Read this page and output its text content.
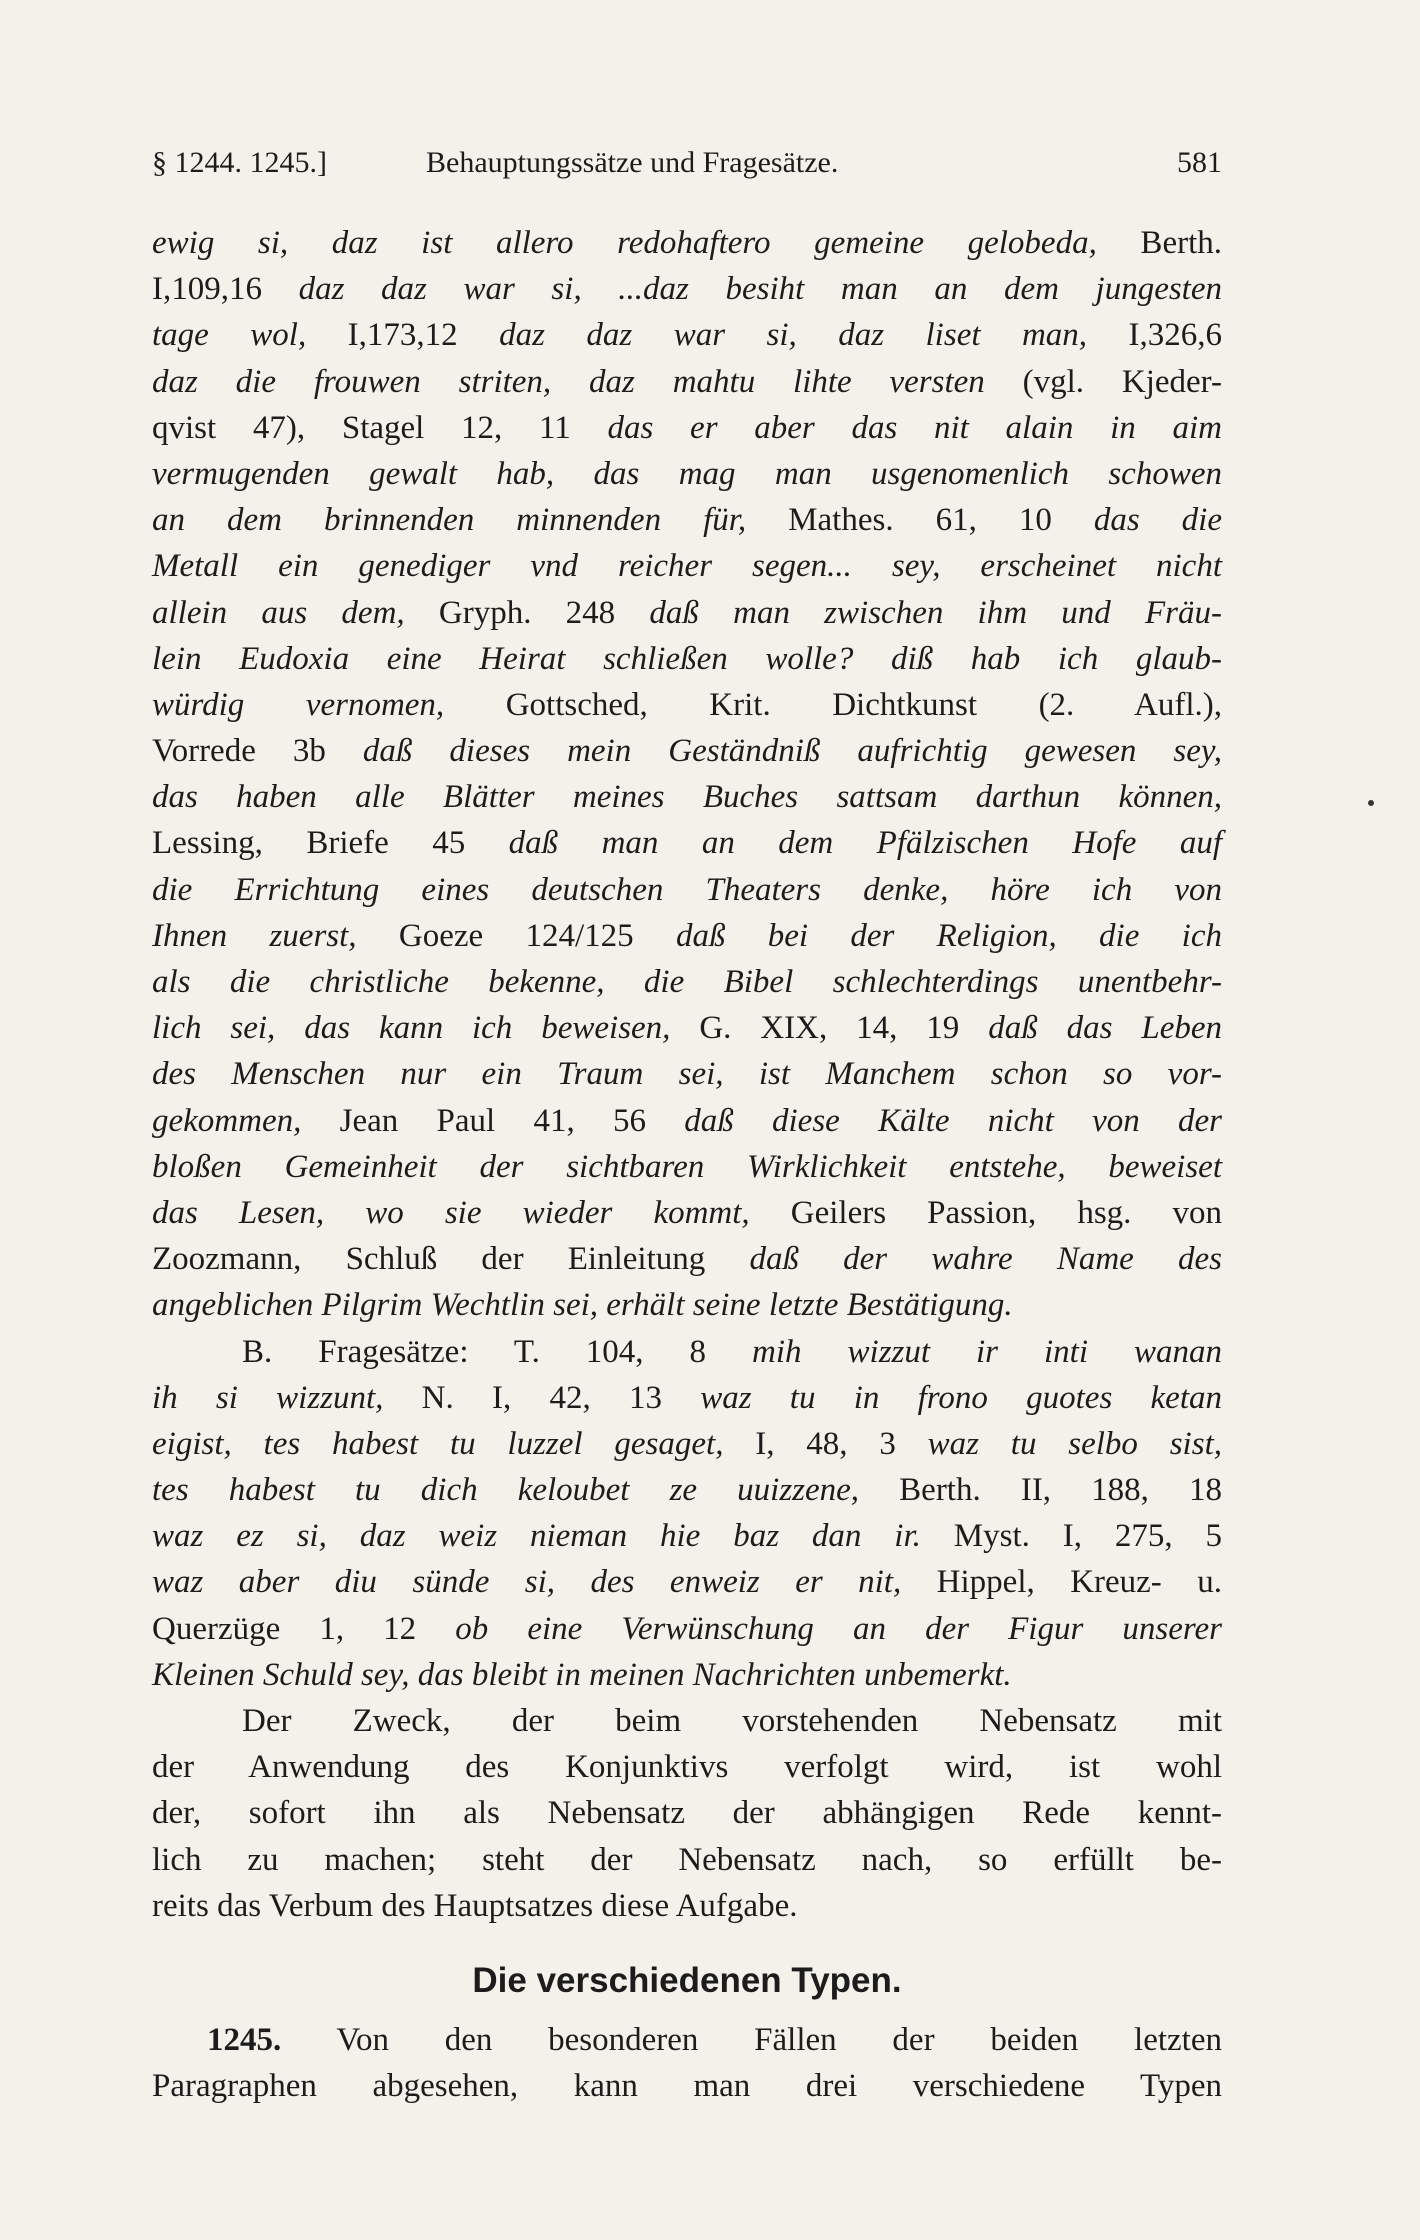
§ 1244. 1245.]	Behauptungssätze und Fragesätze.	581
ewig si, daz ist allero redohaftero gemeine gelobeda, Berth.
I,109,16 daz daz war si, ...daz besiht man an dem jungesten
tage wol, I,173,12 daz daz war si, daz liset man, I,326,6
daz die frouwen striten, daz mahtu lihte versten (vgl. Kjeder-
qvist 47), Stagel 12, 11 das er aber das nit alain in aim
vermugenden gewalt hab, das mag man usgenomenlich schowen
an dem brinnenden minnenden für, Mathes. 61, 10 das die
Metall ein genediger vnd reicher segen... sey, erscheinet nicht
allein aus dem, Gryph. 248 daß man zwischen ihm und Fräu-
lein Eudoxia eine Heirat schließen wolle? diß hab ich glaub-
würdig vernomen, Gottsched, Krit. Dichtkunst (2. Aufl.),
Vorrede 3b daß dieses mein Geständniß aufrichtig gewesen sey,
das haben alle Blätter meines Buches sattsam darthun können,
Lessing, Briefe 45 daß man an dem Pfälzischen Hofe auf
die Errichtung eines deutschen Theaters denke, höre ich von
Ihnen zuerst, Goeze 124/125 daß bei der Religion, die ich
als die christliche bekenne, die Bibel schlechterdings unentbehr-
lich sei, das kann ich beweisen, G. XIX, 14, 19 daß das Leben
des Menschen nur ein Traum sei, ist Manchem schon so vor-
gekommen, Jean Paul 41, 56 daß diese Kälte nicht von der
bloßen Gemeinheit der sichtbaren Wirklichkeit entstehe, beweiset
das Lesen, wo sie wieder kommt, Geilers Passion, hsg. von
Zoozmann, Schluß der Einleitung daß der wahre Name des
angeblichen Pilgrim Wechtlin sei, erhält seine letzte Bestätigung.
B. Fragesätze: T. 104, 8 mih wizzut ir inti wanan
ih si wizzunt, N. I, 42, 13 waz tu in frono guotes ketan
eigist, tes habest tu luzzel gesaget, I, 48, 3 waz tu selbo sist,
tes habest tu dich keloubet ze uuizzene, Berth. II, 188, 18
waz ez si, daz weiz nieman hie baz dan ir. Myst. I, 275, 5
waz aber diu sünde si, des enweiz er nit, Hippel, Kreuz- u.
Querzüge 1, 12 ob eine Verwünschung an der Figur unserer
Kleinen Schuld sey, das bleibt in meinen Nachrichten unbemerkt.
Der Zweck, der beim vorstehenden Nebensatz mit
der Anwendung des Konjunktivs verfolgt wird, ist wohl
der, sofort ihn als Nebensatz der abhängigen Rede kennt-
lich zu machen; steht der Nebensatz nach, so erfüllt be-
reits das Verbum des Hauptsatzes diese Aufgabe.
Die verschiedenen Typen.
1245. Von den besonderen Fällen der beiden letzten
Paragraphen abgesehen, kann man drei verschiedene Typen
